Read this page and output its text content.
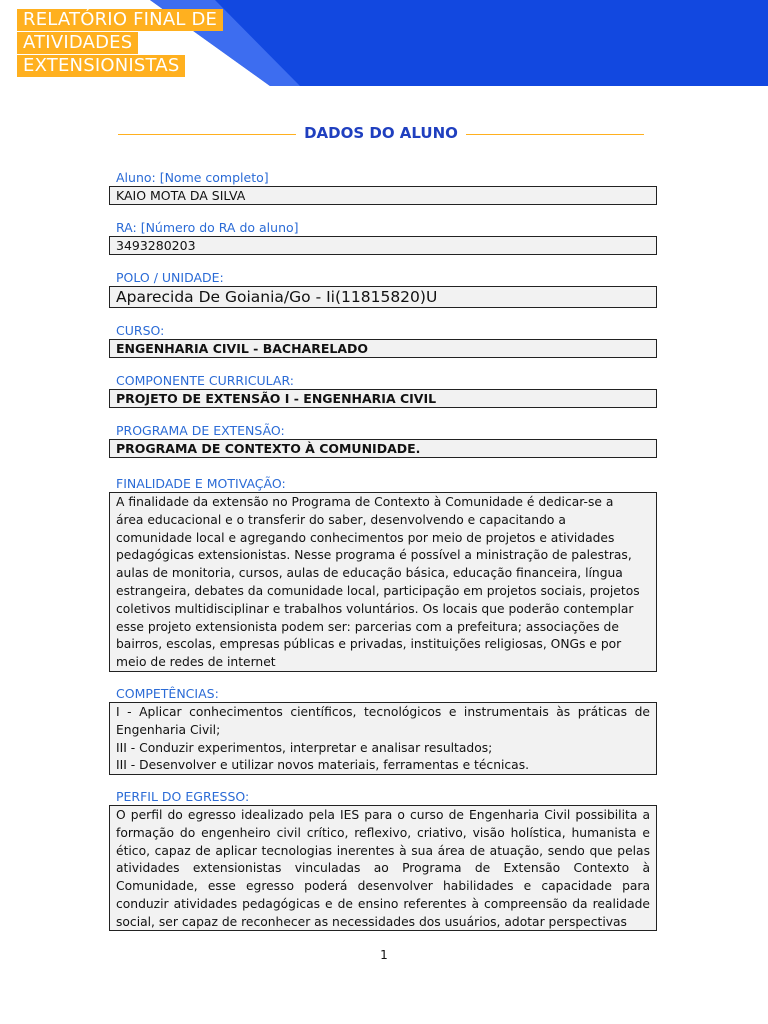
RELATÓRIO FINAL DE
ATIVIDADES
EXTENSIONISTAS
DADOS DO ALUNO
Aluno: [Nome completo]
KAIO MOTA DA SILVA
RA: [Número do RA do aluno]
3493280203
POLO / UNIDADE:
Aparecida De Goiania/Go - Ii(11815820)U
CURSO:
ENGENHARIA CIVIL - BACHARELADO
COMPONENTE CURRICULAR:
PROJETO DE EXTENSÃO I - ENGENHARIA CIVIL
PROGRAMA DE EXTENSÃO:
PROGRAMA DE CONTEXTO À COMUNIDADE.
FINALIDADE E MOTIVAÇÃO:
A finalidade da extensão no Programa de Contexto à Comunidade é dedicar-se a
área educacional e o transferir do saber, desenvolvendo e capacitando a
comunidade local e agregando conhecimentos por meio de projetos e atividades
pedagógicas extensionistas. Nesse programa é possível a ministração de palestras,
aulas de monitoria, cursos, aulas de educação básica, educação financeira, língua
estrangeira, debates da comunidade local, participação em projetos sociais, projetos
coletivos multidisciplinar e trabalhos voluntários. Os locais que poderão contemplar
esse projeto extensionista podem ser: parcerias com a prefeitura; associações de
bairros, escolas, empresas públicas e privadas, instituições religiosas, ONGs e por
meio de redes de internet
COMPETÊNCIAS:
I - Aplicar conhecimentos científicos, tecnológicos e instrumentais às práticas de Engenharia Civil;
III - Conduzir experimentos, interpretar e analisar resultados;
III - Desenvolver e utilizar novos materiais, ferramentas e técnicas.
PERFIL DO EGRESSO:
O perfil do egresso idealizado pela IES para o curso de Engenharia Civil possibilita a formação do engenheiro civil crítico, reflexivo, criativo, visão holística, humanista e ético, capaz de aplicar tecnologias inerentes à sua área de atuação, sendo que pelas atividades extensionistas vinculadas ao Programa de Extensão Contexto à Comunidade, esse egresso poderá desenvolver habilidades e capacidade para conduzir atividades pedagógicas e de ensino referentes à compreensão da realidade social, ser capaz de reconhecer as necessidades dos usuários, adotar perspectivas
1
